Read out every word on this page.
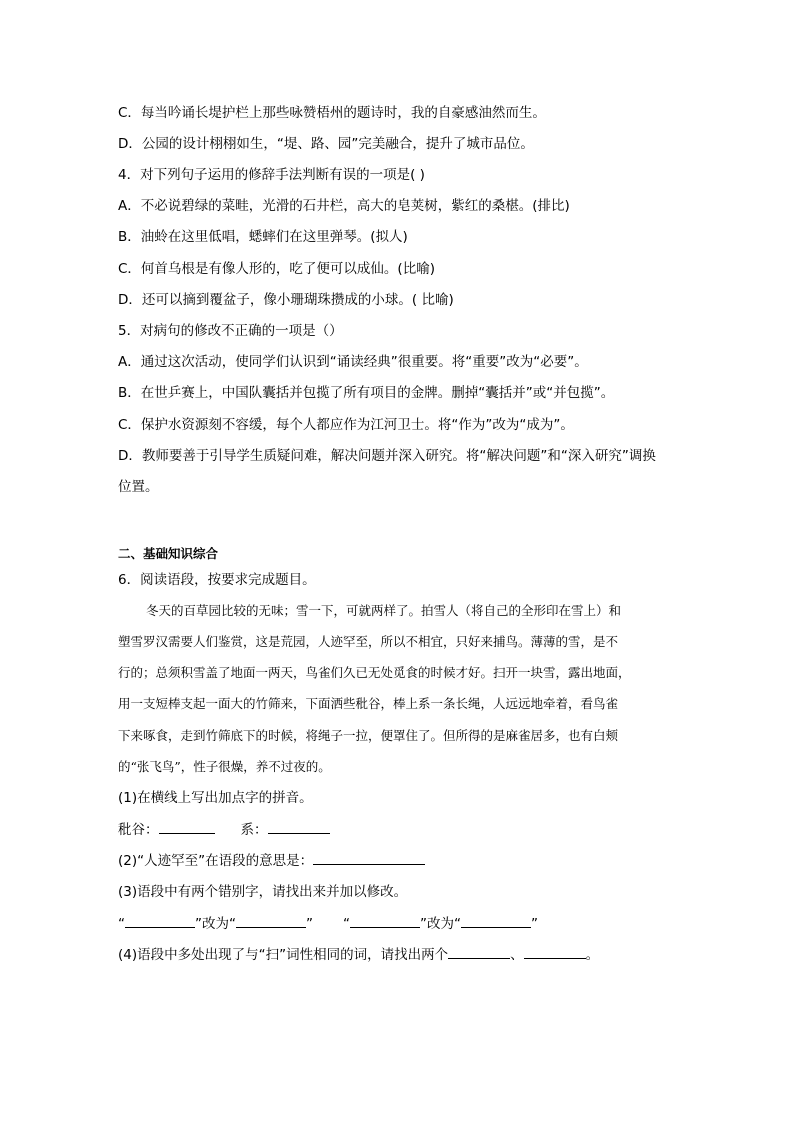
C．每当吟诵长堤护栏上那些咏赞梧州的题诗时，我的自豪感油然而生。
D．公园的设计栩栩如生，“堤、路、园”完美融合，提升了城市品位。
4．对下列句子运用的修辞手法判断有误的一项是( )
A．不必说碧绿的菜畦，光滑的石井栏，高大的皂荚树，紫红的桑椹。(排比)
B．油蛉在这里低唱，蟋蟀们在这里弹琴。(拟人)
C．何首乌根是有像人形的，吃了便可以成仙。(比喻)
D．还可以摘到覆盆子，像小珊瑚珠攒成的小球。( 比喻)
5．对病句的修改不正确的一项是（）
A．通过这次活动，使同学们认识到“诵读经典”很重要。将“重要”改为“必要”。
B．在世乒赛上，中国队囊括并包揽了所有项目的金牌。删掉“囊括并”或“并包揽”。
C．保护水资源刻不容缓，每个人都应作为江河卫士。将“作为”改为“成为”。
D．教师要善于引导学生质疑问难，解决问题并深入研究。将“解决问题”和“深入研究”调换
位置。
二、基础知识综合
6．阅读语段，按要求完成题目。
冬天的百草园比较的无味；雪一下，可就两样了。拍雪人（将自己的全形印在雪上）和
塑雪罗汉需要人们鉴赏，这是荒园，人迹罕至，所以不相宜，只好来捕鸟。薄薄的雪，是不
行的；总须积雪盖了地面一两天，鸟雀们久已无处觅食的时候才好。扫开一块雪，露出地面，
用一支短棒支起一面大的竹筛来，下面洒些秕谷，棒上系一条长绳，人远远地牵着，看鸟雀
下来啄食，走到竹筛底下的时候，将绳子一拉，便罩住了。但所得的是麻雀居多，也有白颊
的“张飞鸟”，性子很燥，养不过夜的。
(1)在横线上写出加点字的拼音。
秕谷：	系：
(2)“人迹罕至”在语段的意思是：
(3)语段中有两个错别字，请找出来并加以修改。
“	”改为“	” “	”改为“	”
(4)语段中多处出现了与“扫”词性相同的词，请找出两个	、	。
